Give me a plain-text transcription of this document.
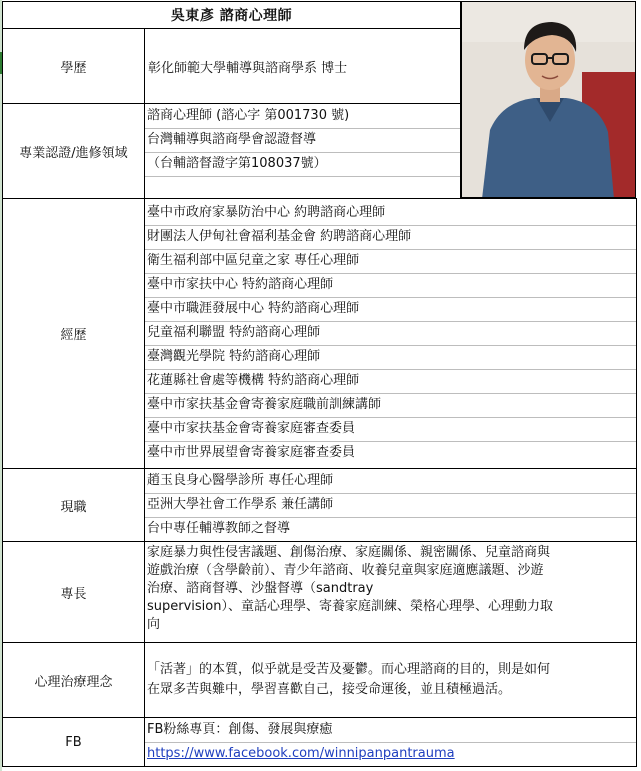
吳東彥 諮商心理師
學歷	彰化師範大學輔導與諮商學系 博士
專業認證/進修領域
諮商心理師 (諮心字 第001730 號)
台灣輔導與諮商學會認證督導
（台輔諮督證字第108037號）
經歷
臺中市政府家暴防治中心 約聘諮商心理師
財團法人伊甸社會福利基金會 約聘諮商心理師
衛生福利部中區兒童之家 專任心理師
臺中市家扶中心 特約諮商心理師
臺中市職涯發展中心 特約諮商心理師
兒童福利聯盟 特約諮商心理師
臺灣觀光學院 特約諮商心理師
花蓮縣社會處等機構 特約諮商心理師
臺中市家扶基金會寄養家庭職前訓練講師
臺中市家扶基金會寄養家庭審查委員
臺中市世界展望會寄養家庭審查委員
現職
趙玉良身心醫學診所 專任心理師
亞洲大學社會工作學系 兼任講師
台中專任輔導教師之督導
專長
家庭暴力與性侵害議題、創傷治療、家庭關係、親密關係、兒童諮商與
遊戲治療（含學齡前）、青少年諮商、收養兒童與家庭適應議題、沙遊
治療、諮商督導、沙盤督導（sandtray
supervision）、童話心理學、寄養家庭訓練、榮格心理學、心理動力取
向
心理治療理念
「活著」的本質，似乎就是受苦及憂鬱。而心理諮商的目的，則是如何
在眾多苦與難中，學習喜歡自己，接受命運後，並且積極過活。
FB
FB粉絲專頁：創傷、發展與療癒
https://www.facebook.com/winnipanpantrauma
